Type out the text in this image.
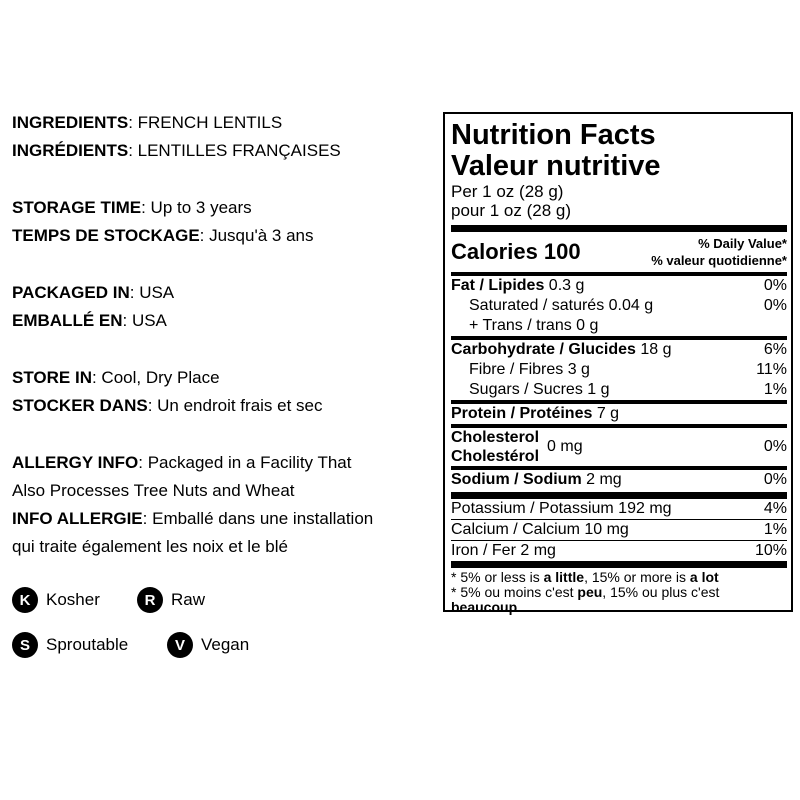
INGREDIENTS: FRENCH LENTILS
INGRÉDIENTS: LENTILLES FRANÇAISES
STORAGE TIME: Up to 3 years
TEMPS DE STOCKAGE: Jusqu'à 3 ans
PACKAGED IN: USA
EMBALLÉ EN: USA
STORE IN: Cool, Dry Place
STOCKER DANS: Un endroit frais et sec
ALLERGY INFO: Packaged in a Facility That
Also Processes Tree Nuts and Wheat
INFO ALLERGIE: Emballé dans une installation
qui traite également les noix et le blé
K Kosher	R Raw
S Sproutable	V Vegan
Nutrition Facts
Valeur nutritive
Per 1 oz (28 g)
pour 1 oz (28 g)
Calories 100	% Daily Value*
% valeur quotidienne*
Fat / Lipides 0.3 g	0%
Saturated / saturés 0.04 g	0%
+ Trans / trans 0 g
Carbohydrate / Glucides 18 g	6%
Fibre / Fibres 3 g	11%
Sugars / Sucres 1 g	1%
Protein / Protéines 7 g
Cholesterol
Cholestérol
0 mg	0%
Sodium / Sodium 2 mg	0%
Potassium / Potassium 192 mg	4%
Calcium / Calcium 10 mg	1%
Iron / Fer 2 mg	10%
* 5% or less is a little, 15% or more is a lot
* 5% ou moins c'est peu, 15% ou plus c'est beaucoup
